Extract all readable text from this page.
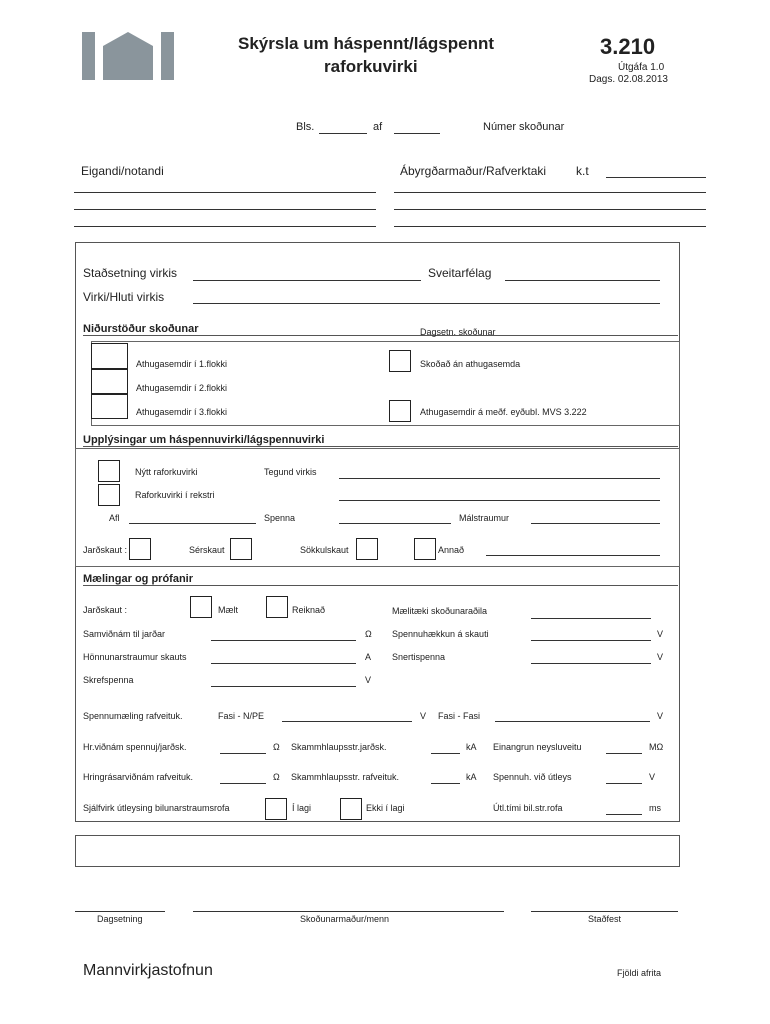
Skýrsla um háspennt/lágspennt
raforkuvirki
3.210
Útgáfa 1.0
Dags. 02.08.2013
Bls.	af	Númer skoðunar
Eigandi/notandi	Ábyrgðarmaður/Rafverktaki k.t
Staðsetning virkis	Sveitarfélag
Virki/Hluti virkis
Niðurstöður skoðunar	Dagsetn. skoðunar
Athugasemdir í 1.flokki
Athugasemdir í 2.flokki
Athugasemdir í 3.flokki
Skoðað án athugasemda
Athugasemdir á meðf. eyðubl. MVS 3.222
Upplýsingar um háspennuvirki/lágspennuvirki
Nýtt raforkuvirki	Tegund virkis
Raforkuvirki í rekstri
Afl	Spenna	Málstraumur
Jarðskaut :	Sérskaut	Sökkulskaut	Annað
Mælingar og prófanir
Jarðskaut :	Mælt	Reiknað	Mælitæki skoðunaraðila
Samviðnám til jarðar	Ω Spennuhækkun á skauti	V
Hönnunarstraumur skauts	A Snertispenna	V
Skrefspenna	V
Spennumæling rafveituk.	Fasi - N/PE	V Fasi - Fasi	V
Hr.viðnám spennuj/jarðsk.	Ω Skammhlaupsstr.jarðsk.	kA Einangrun neysluveitu	MΩ
Hringrásarviðnám rafveituk.	Ω Skammhlaupsstr. rafveituk.	kA Spennuh. við útleys	V
Sjálfvirk útleysing bilunarstraumsrofa	Í lagi	Ekki í lagi	Útl.tími bil.str.rofa	ms
Dagsetning	Skoðunarmaður/menn	Staðfest
Mannvirkjastofnun	Fjöldi afrita
